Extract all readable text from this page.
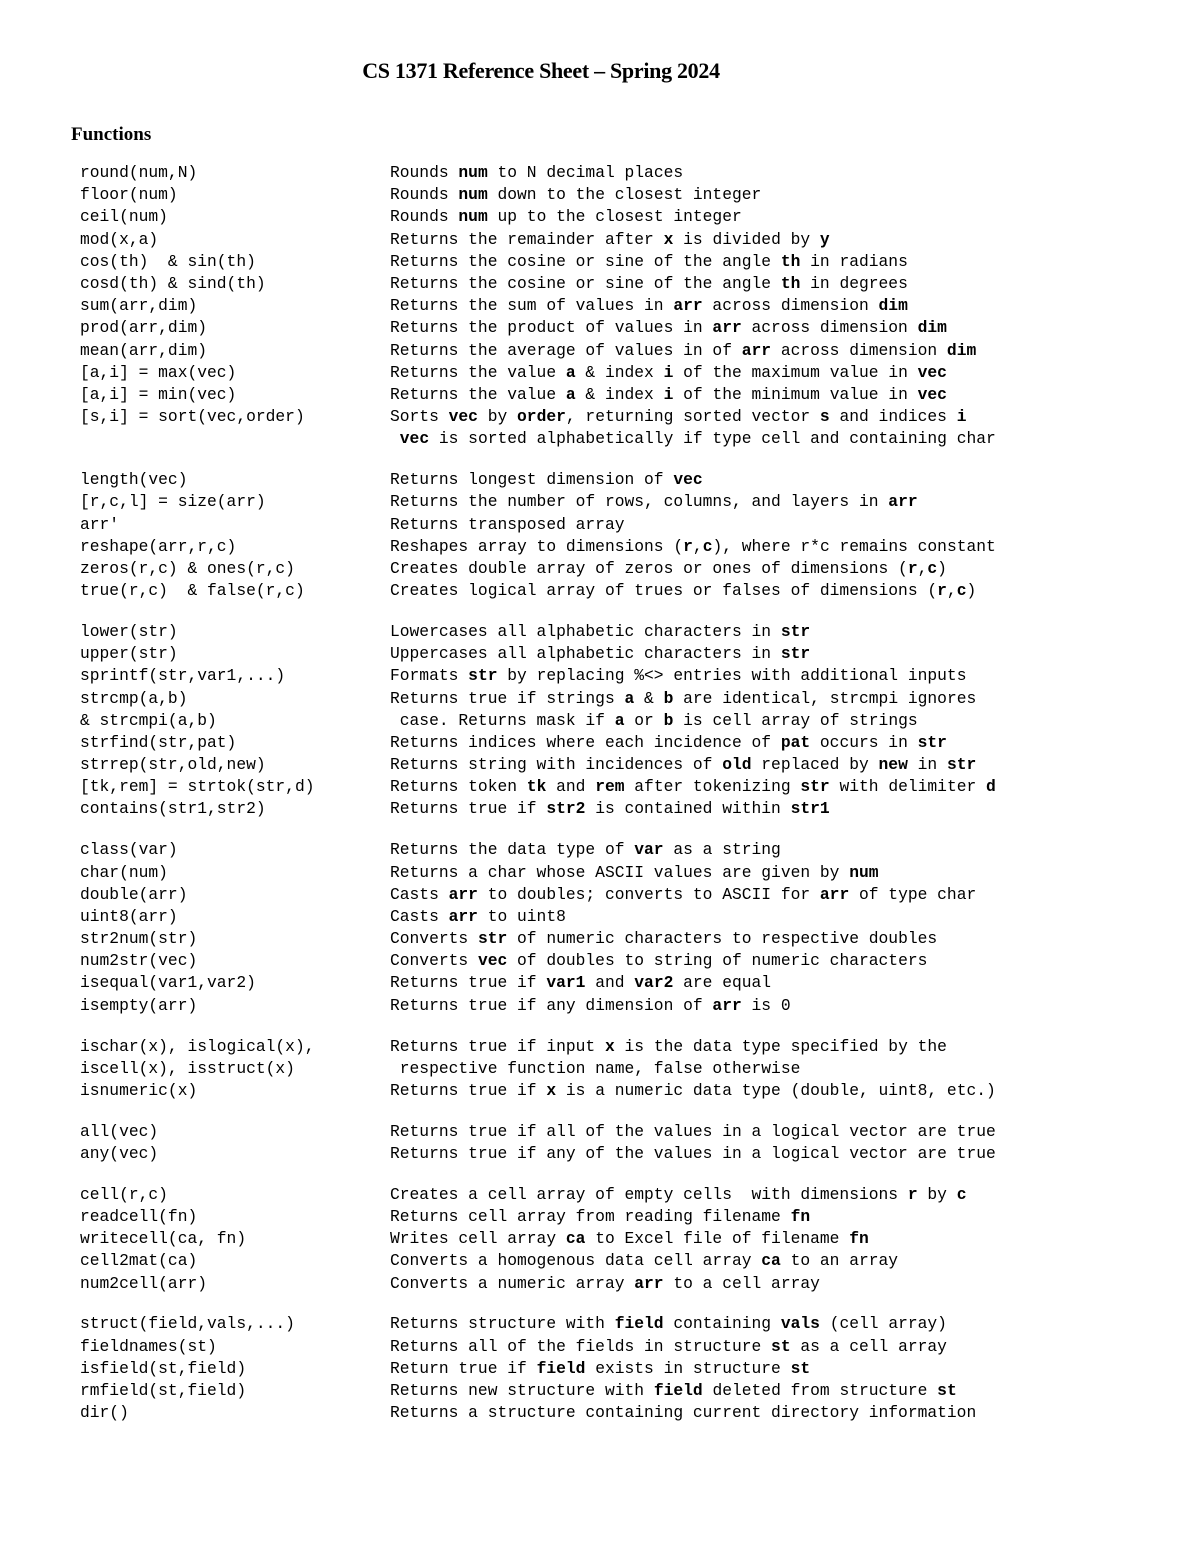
CS 1371 Reference Sheet – Spring 2024
Functions
round(num,N)	Rounds num to N decimal places
floor(num)	Rounds num down to the closest integer
ceil(num)	Rounds num up to the closest integer
mod(x,a)	Returns the remainder after x is divided by y
cos(th)  & sin(th)	Returns the cosine or sine of the angle th in radians
cosd(th) & sind(th)	Returns the cosine or sine of the angle th in degrees
sum(arr,dim)	Returns the sum of values in arr across dimension dim
prod(arr,dim)	Returns the product of values in arr across dimension dim
mean(arr,dim)	Returns the average of values in of arr across dimension dim
[a,i] = max(vec)	Returns the value a & index i of the maximum value in vec
[a,i] = min(vec)	Returns the value a & index i of the minimum value in vec
[s,i] = sort(vec,order)	Sorts vec by order, returning sorted vector s and indices i
vec is sorted alphabetically if type cell and containing char
length(vec)	Returns longest dimension of vec
[r,c,l] = size(arr)	Returns the number of rows, columns, and layers in arr
arr'	Returns transposed array
reshape(arr,r,c)	Reshapes array to dimensions (r,c), where r*c remains constant
zeros(r,c) & ones(r,c)	Creates double array of zeros or ones of dimensions (r,c)
true(r,c)  & false(r,c)	Creates logical array of trues or falses of dimensions (r,c)
lower(str)	Lowercases all alphabetic characters in str
upper(str)	Uppercases all alphabetic characters in str
sprintf(str,var1,...)	Formats str by replacing %<> entries with additional inputs
strcmp(a,b)	Returns true if strings a & b are identical, strcmpi ignores
& strcmpi(a,b)	case. Returns mask if a or b is cell array of strings
strfind(str,pat)	Returns indices where each incidence of pat occurs in str
strrep(str,old,new)	Returns string with incidences of old replaced by new in str
[tk,rem] = strtok(str,d)	Returns token tk and rem after tokenizing str with delimiter d
contains(str1,str2)	Returns true if str2 is contained within str1
class(var)	Returns the data type of var as a string
char(num)	Returns a char whose ASCII values are given by num
double(arr)	Casts arr to doubles; converts to ASCII for arr of type char
uint8(arr)	Casts arr to uint8
str2num(str)	Converts str of numeric characters to respective doubles
num2str(vec)	Converts vec of doubles to string of numeric characters
isequal(var1,var2)	Returns true if var1 and var2 are equal
isempty(arr)	Returns true if any dimension of arr is 0
ischar(x), islogical(x),	Returns true if input x is the data type specified by the
iscell(x), isstruct(x)	respective function name, false otherwise
isnumeric(x)	Returns true if x is a numeric data type (double, uint8, etc.)
all(vec)	Returns true if all of the values in a logical vector are true
any(vec)	Returns true if any of the values in a logical vector are true
cell(r,c)	Creates a cell array of empty cells  with dimensions r by c
readcell(fn)	Returns cell array from reading filename fn
writecell(ca, fn)	Writes cell array ca to Excel file of filename fn
cell2mat(ca)	Converts a homogenous data cell array ca to an array
num2cell(arr)	Converts a numeric array arr to a cell array
struct(field,vals,...)	Returns structure with field containing vals (cell array)
fieldnames(st)	Returns all of the fields in structure st as a cell array
isfield(st,field)	Return true if field exists in structure st
rmfield(st,field)	Returns new structure with field deleted from structure st
dir()	Returns a structure containing current directory information
